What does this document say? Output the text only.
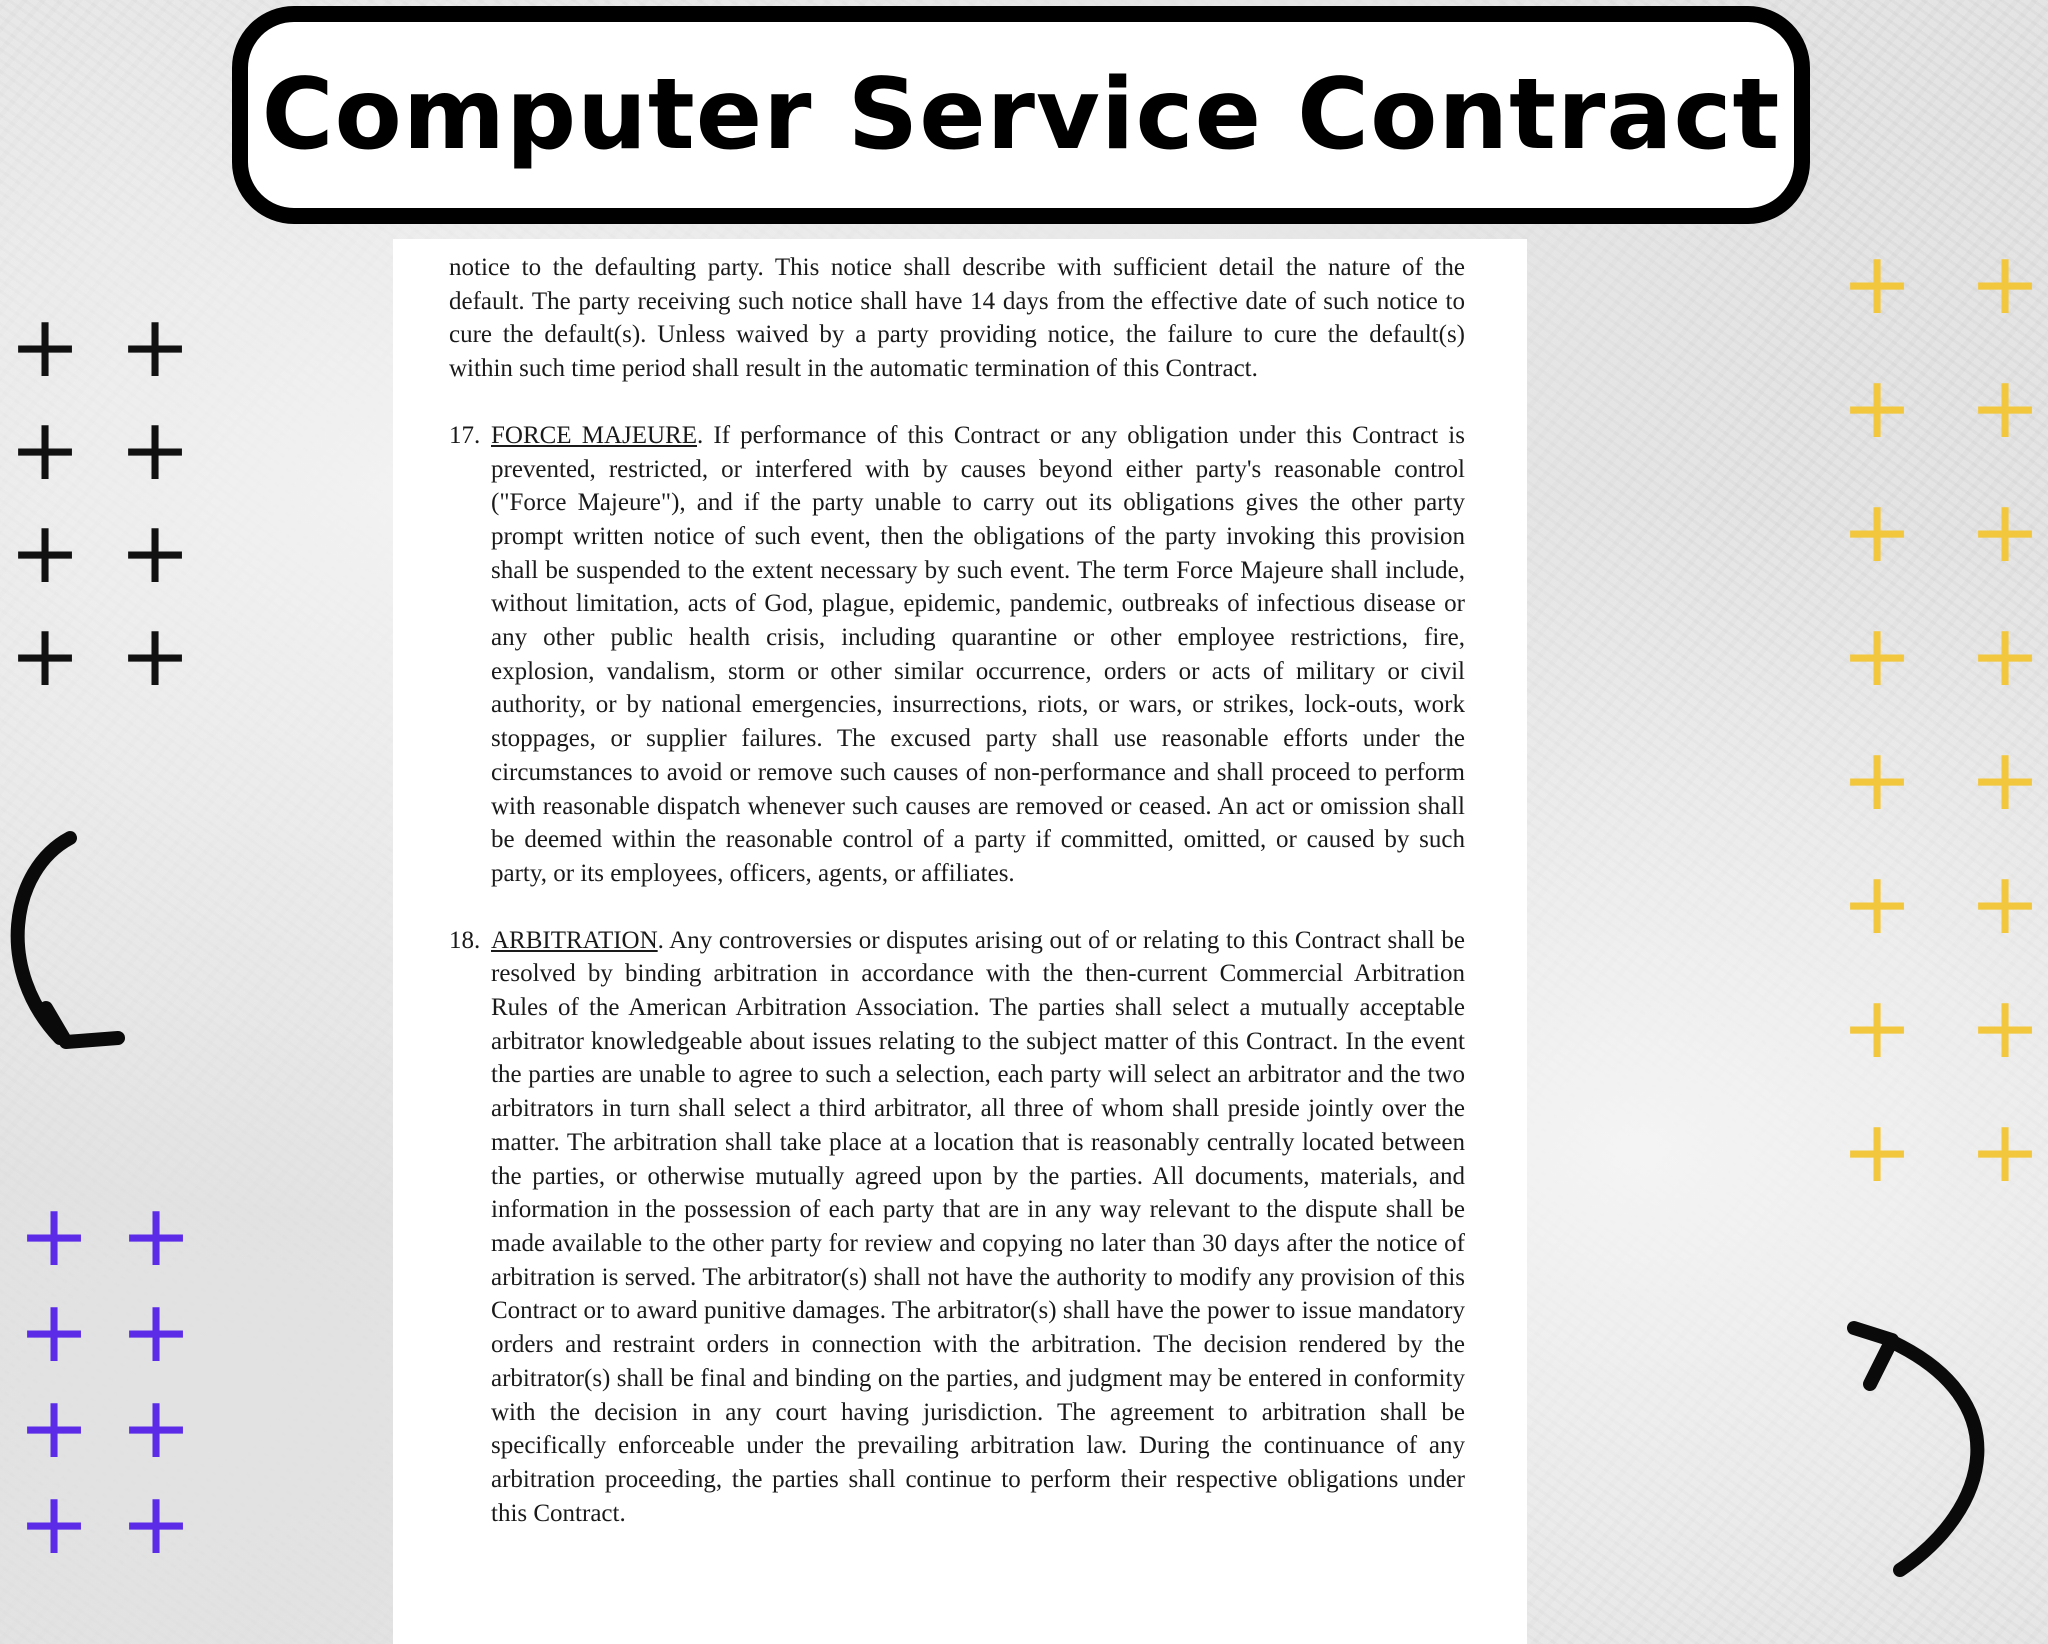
Computer Service Contract

notice to the defaulting party. This notice shall describe with sufficient detail the nature of the default. The party receiving such notice shall have 14 days from the effective date of such notice to cure the default(s). Unless waived by a party providing notice, the failure to cure the default(s) within such time period shall result in the automatic termination of this Contract.

17. FORCE MAJEURE. If performance of this Contract or any obligation under this Contract is prevented, restricted, or interfered with by causes beyond either party's reasonable control ("Force Majeure"), and if the party unable to carry out its obligations gives the other party prompt written notice of such event, then the obligations of the party invoking this provision shall be suspended to the extent necessary by such event. The term Force Majeure shall include, without limitation, acts of God, plague, epidemic, pandemic, outbreaks of infectious disease or any other public health crisis, including quarantine or other employee restrictions, fire, explosion, vandalism, storm or other similar occurrence, orders or acts of military or civil authority, or by national emergencies, insurrections, riots, or wars, or strikes, lock-outs, work stoppages, or supplier failures. The excused party shall use reasonable efforts under the circumstances to avoid or remove such causes of non-performance and shall proceed to perform with reasonable dispatch whenever such causes are removed or ceased. An act or omission shall be deemed within the reasonable control of a party if committed, omitted, or caused by such party, or its employees, officers, agents, or affiliates.

18. ARBITRATION. Any controversies or disputes arising out of or relating to this Contract shall be resolved by binding arbitration in accordance with the then-current Commercial Arbitration Rules of the American Arbitration Association. The parties shall select a mutually acceptable arbitrator knowledgeable about issues relating to the subject matter of this Contract. In the event the parties are unable to agree to such a selection, each party will select an arbitrator and the two arbitrators in turn shall select a third arbitrator, all three of whom shall preside jointly over the matter. The arbitration shall take place at a location that is reasonably centrally located between the parties, or otherwise mutually agreed upon by the parties. All documents, materials, and information in the possession of each party that are in any way relevant to the dispute shall be made available to the other party for review and copying no later than 30 days after the notice of arbitration is served. The arbitrator(s) shall not have the authority to modify any provision of this Contract or to award punitive damages. The arbitrator(s) shall have the power to issue mandatory orders and restraint orders in connection with the arbitration. The decision rendered by the arbitrator(s) shall be final and binding on the parties, and judgment may be entered in conformity with the decision in any court having jurisdiction. The agreement to arbitration shall be specifically enforceable under the prevailing arbitration law. During the continuance of any arbitration proceeding, the parties shall continue to perform their respective obligations under this Contract.

+ +
+ +
+ +
+ +
+ +
+ +
+ +
+ +
+ +
+ +
+ +
+ +
+ +
+ +
+ +
+ +
